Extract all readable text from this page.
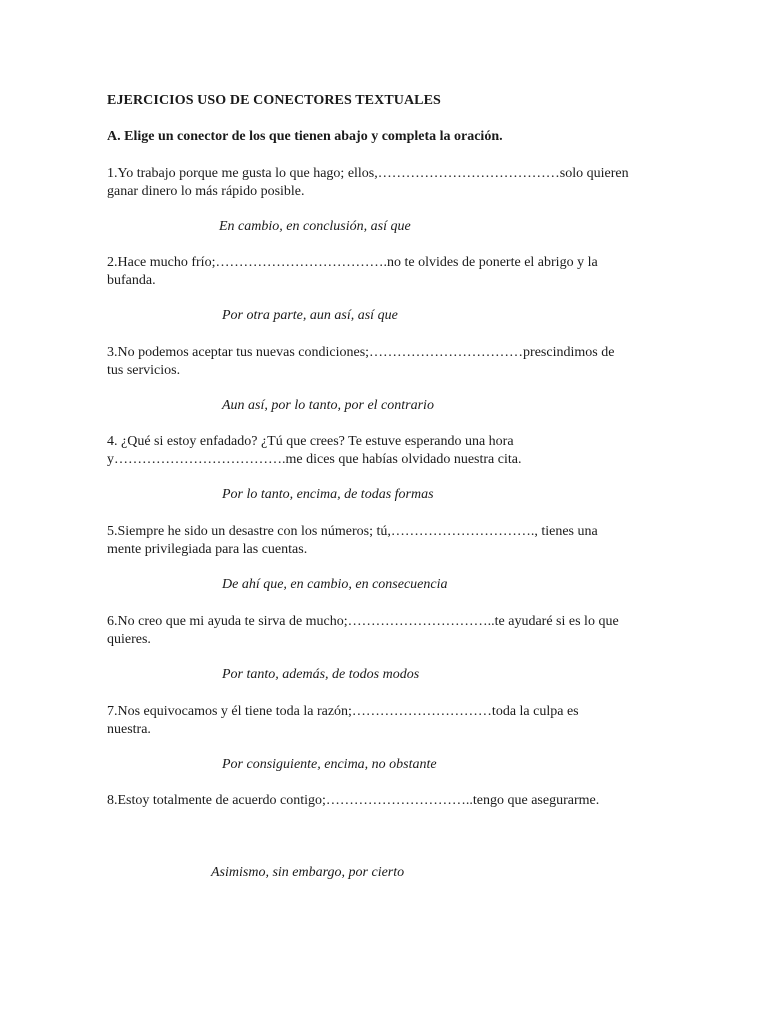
EJERCICIOS USO DE CONECTORES TEXTUALES
A. Elige un conector de los que tienen abajo y completa la oración.
1.Yo trabajo porque me gusta lo que hago; ellos,…………………………………solo quieren
ganar dinero lo más rápido posible.
En cambio, en conclusión, así que
2.Hace mucho frío;……………………………….no te olvides de ponerte el abrigo y la
bufanda.
Por otra parte, aun así, así que
3.No podemos aceptar tus nuevas condiciones;……………………………prescindimos de
tus servicios.
Aun así, por lo tanto, por el contrario
4. ¿Qué si estoy enfadado? ¿Tú que crees? Te estuve esperando una hora
y……………………………….me dices que habías olvidado nuestra cita.
Por lo tanto, encima, de todas formas
5.Siempre he sido un desastre con los números; tú,…………………………., tienes una
mente privilegiada para las cuentas.
De ahí que, en cambio, en consecuencia
6.No creo que mi ayuda te sirva de mucho;…………………………..te ayudaré si es lo que
quieres.
Por tanto, además, de todos modos
7.Nos equivocamos y él tiene toda la razón;…………………………toda la culpa es
nuestra.
Por consiguiente, encima, no obstante
8.Estoy totalmente de acuerdo contigo;…………………………..tengo que asegurarme.
Asimismo, sin embargo, por cierto
